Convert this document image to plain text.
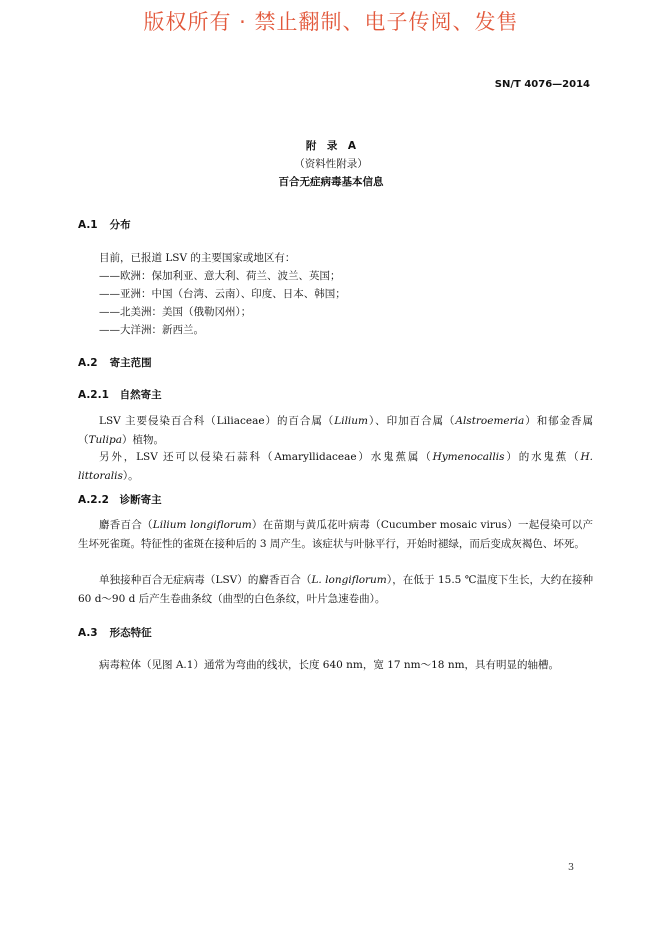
版权所有 · 禁止翻制、电子传阅、发售
SN/T 4076—2014
附　录　A
（资料性附录）
百合无症病毒基本信息
A.1 分布
目前，已报道 LSV 的主要国家或地区有：
——欧洲：保加利亚、意大利、荷兰、波兰、英国；
——亚洲：中国（台湾、云南）、印度、日本、韩国；
——北美洲：美国（俄勒冈州）；
——大洋洲：新西兰。
A.2 寄主范围
A.2.1 自然寄主

LSV 主要侵染百合科（Liliaceae）的百合属（Lilium）、印加百合属（Alstroemeria）和郁金香属（Tulipa）植物。

另外，LSV 还可以侵染石蒜科（Amaryllidaceae）水鬼蕉属（Hymenocallis）的水鬼蕉（H. littoralis）。

A.2.2 诊断寄主

麝香百合（Lilium longiflorum）在苗期与黄瓜花叶病毒（Cucumber mosaic virus）一起侵染可以产生坏死雀斑。特征性的雀斑在接种后的 3 周产生。该症状与叶脉平行，开始时褪绿，而后变成灰褐色、坏死。

单独接种百合无症病毒（LSV）的麝香百合（L. longiflorum），在低于 15.5 ℃温度下生长，大约在接种 60 d～90 d 后产生卷曲条纹（曲型的白色条纹，叶片急速卷曲）。

A.3 形态特征

病毒粒体（见图 A.1）通常为弯曲的线状，长度 640 nm，宽 17 nm～18 nm，具有明显的轴槽。

3
